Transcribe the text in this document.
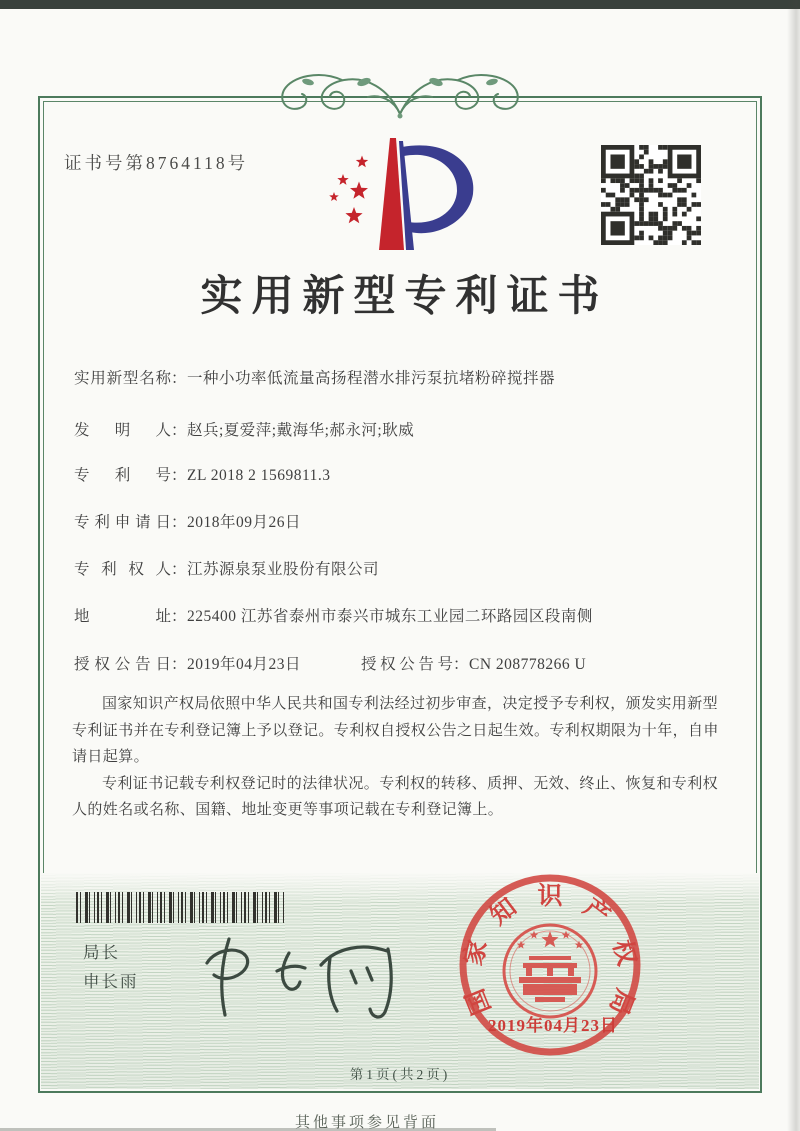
证书号第8764118号
实用新型专利证书
实用新型名称 ： 一种小功率低流量高扬程潜水排污泵抗堵粉碎搅拌器
发明人 ： 赵兵;夏爱萍;戴海华;郝永河;耿威
专利号 ： ZL 2018 2 1569811.3
专利申请日 ： 2018年09月26日
专利权人 ： 江苏源泉泵业股份有限公司
地址 ： 225400 江苏省泰州市泰兴市城东工业园二环路园区段南侧
授权公告日 ： 2019年04月23日	授权公告号 ： CN 208778266 U

国家知识产权局依照中华人民共和国专利法经过初步审查，决定授予专利权，颁发实用新型专利证书并在专利登记簿上予以登记。专利权自授权公告之日起生效。专利权期限为十年，自申请日起算。

专利证书记载专利权登记时的法律状况。专利权的转移、质押、无效、终止、恢复和专利权人的姓名或名称、国籍、地址变更等事项记载在专利登记簿上。

局长
申长雨
国
家
知 识 产
权
局
2019年04月23日
第1页(共2页)
其他事项参见背面
